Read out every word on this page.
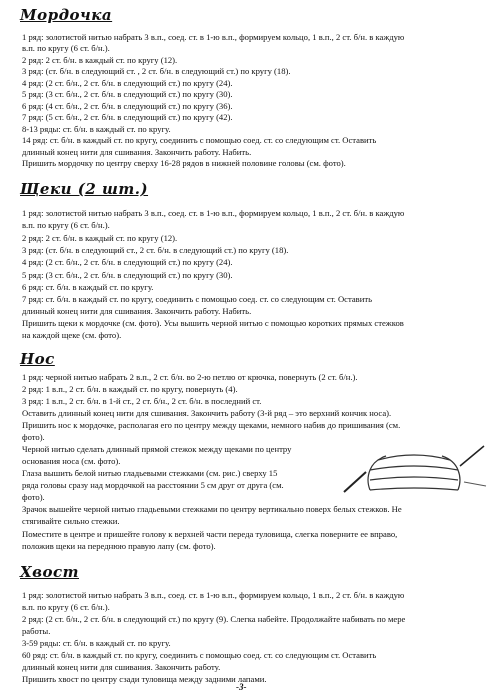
Мордочка
1 ряд: золотистой нитью набрать 3 в.п., соед. ст. в 1-ю в.п., формируем кольцо, 1 в.п., 2 ст. б/н. в каждую
в.п. по кругу (6 ст. б/н.).
2 ряд: 2 ст. б/н. в каждый ст. по кругу (12).
3 ряд: (ст. б/н. в следующий ст. , 2 ст. б/н. в следующий ст.) по кругу (18).
4 ряд: (2 ст. б/н., 2 ст. б/н. в следующий ст.) по кругу (24).
5 ряд: (3 ст. б/н., 2 ст. б/н. в следующий ст.) по кругу (30).
6 ряд: (4 ст. б/н., 2 ст. б/н. в следующий ст.) по кругу (36).
7 ряд: (5 ст. б/н., 2 ст. б/н. в следующий ст.) по кругу (42).
8-13 ряды: ст. б/н. в каждый ст. по кругу.
14 ряд: ст. б/н. в каждый ст. по кругу, соединить с помощью соед. ст. со следующим ст. Оставить
длинный конец нити для сшивания. Закончить работу. Набить.
Пришить мордочку по центру сверху 16-28 рядов в нижней половине головы (см. фото).
Щеки (2 шт.)
1 ряд: золотистой нитью набрать 3 в.п., соед. ст. в 1-ю в.п., формируем кольцо, 1 в.п., 2 ст. б/н. в каждую
в.п. по кругу (6 ст. б/н.).
2 ряд: 2 ст. б/н. в каждый ст. по кругу (12).
3 ряд: (ст. б/н. в следующий ст., 2 ст. б/н. в следующий ст.) по кругу (18).
4 ряд: (2 ст. б/н., 2 ст. б/н. в следующий ст.) по кругу (24).
5 ряд: (3 ст. б/н., 2 ст. б/н. в следующий ст.) по кругу (30).
6 ряд: ст. б/н. в каждый ст. по кругу.
7 ряд: ст. б/н. в каждый ст. по кругу, соединить с помощью соед. ст. со следующим ст. Оставить
длинный конец нити для сшивания. Закончить работу. Набить.
Пришить щеки к мордочке (см. фото). Усы вышить черной нитью с помощью коротких прямых стежков
на каждой щеке (см. фото).
Нос
1 ряд: черной нитью набрать 2 в.п., 2 ст. б/н. во 2-ю петлю от крючка, повернуть (2 ст. б/н.).
2 ряд: 1 в.п., 2 ст. б/н. в каждый ст. по кругу, повернуть (4).
3 ряд: 1 в.п., 2 ст. б/н. в 1-й ст., 2 ст. б/н., 2 ст. б/н. в последний ст.
Оставить длинный конец нити для сшивания. Закончить работу (3-й ряд – это верхний кончик носа).
Пришить нос к мордочке, располагая его по центру между щеками, немного набив до пришивания (см.
фото).
Черной нитью сделать длинный прямой стежок между щеками по центру
основания носа (см. фото).
Глаза вышить белой нитью гладьевыми стежками (см. рис.) сверху 15
ряда головы сразу над мордочкой на расстоянии 5 см друг от друга (см.
фото).
Зрачок вышейте черной нитью гладьевыми стежками по центру вертикально поверх белых стежков. Не
стягивайте сильно стежки.
Поместите в центре и пришейте голову к верхней части переда туловища, слегка поверните ее вправо,
положив щеки на переднюю правую лапу (см. фото).
Хвост
1 ряд: золотистой нитью набрать 3 в.п., соед. ст. в 1-ю в.п., формируем кольцо, 1 в.п., 2 ст. б/н. в каждую
в.п. по кругу (6 ст. б/н.).
2 ряд: (2 ст. б/н., 2 ст. б/н. в следующий ст.) по кругу (9). Слегка набейте. Продолжайте набивать по мере
работы.
3-59 ряды: ст. б/н. в каждый ст. по кругу.
60 ряд: ст. б/н. в каждый ст. по кругу, соединить с помощью соед. ст. со следующим ст. Оставить
длинный конец нити для сшивания. Закончить работу.
Пришить хвост по центру сзади туловища между задними лапами.
-3-
